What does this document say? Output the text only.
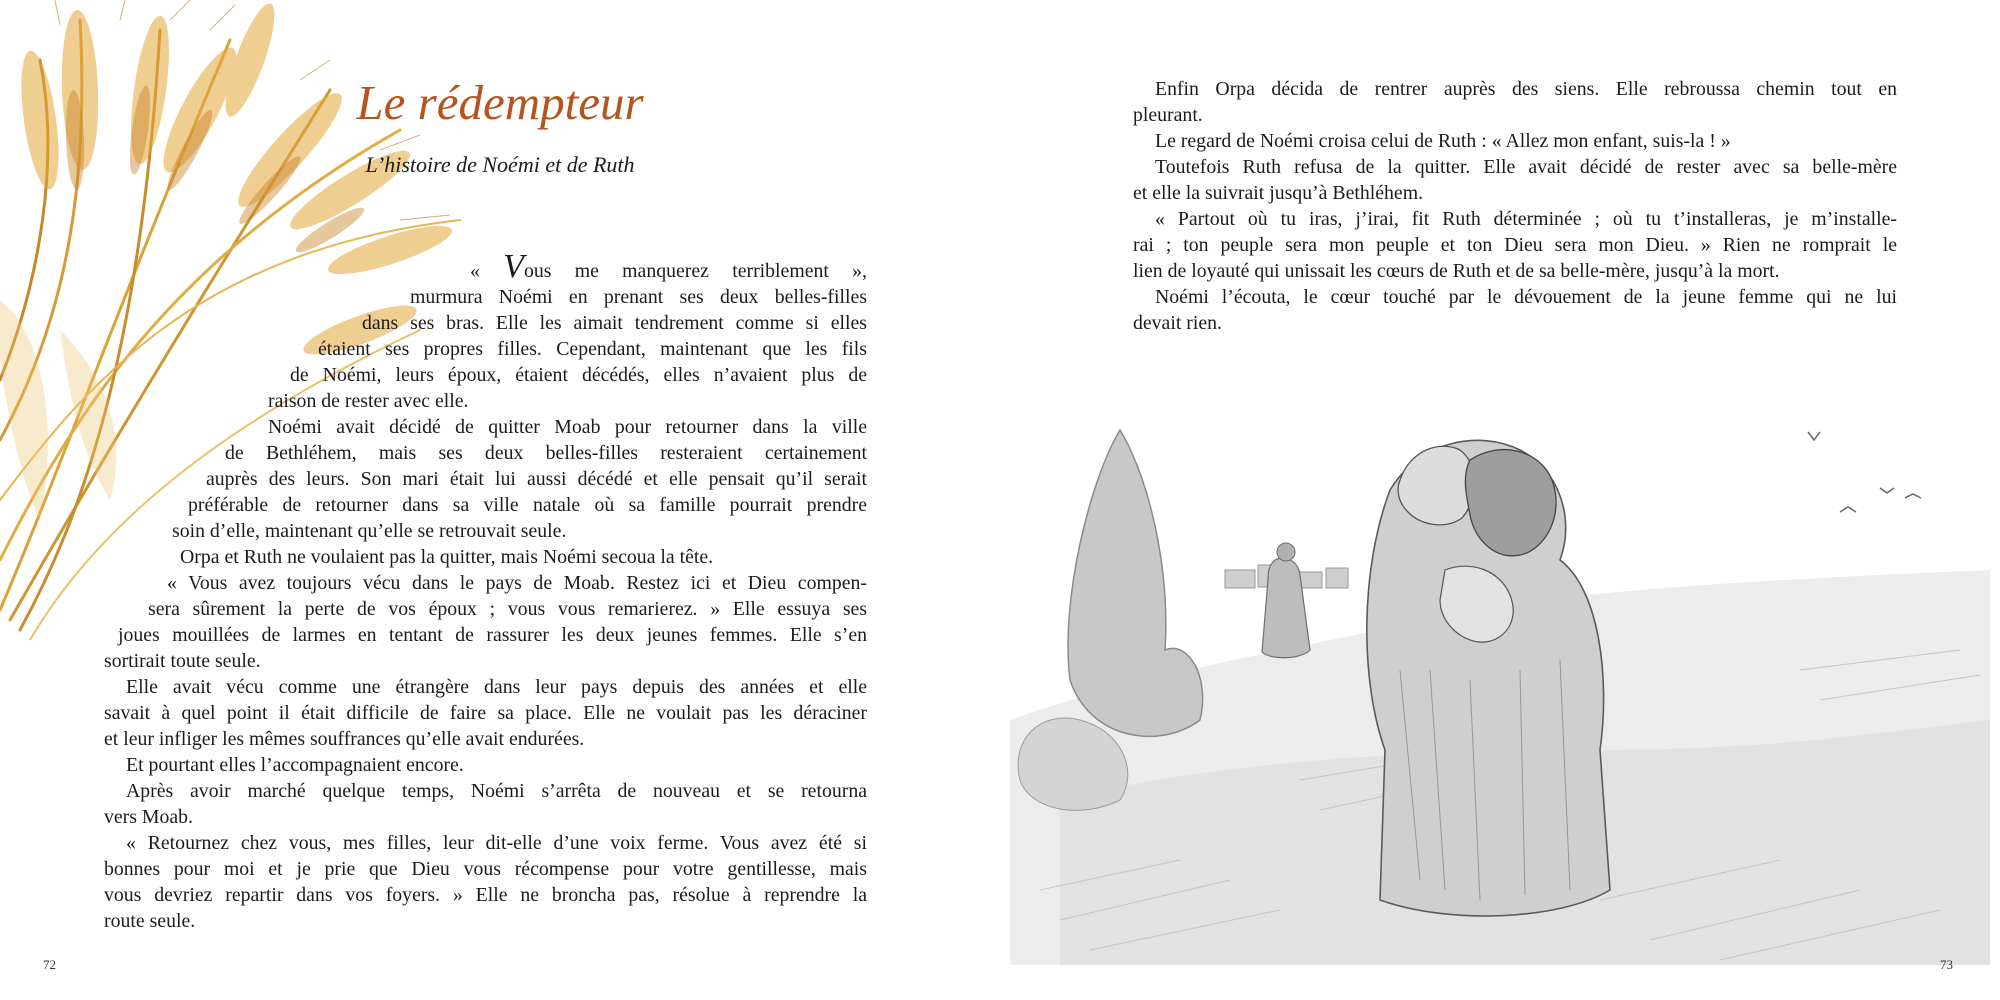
Le rédempteur
L’histoire de Noémi et de Ruth
« Vous me manquerez terriblement »,
murmura Noémi en prenant ses deux belles-filles
dans ses bras. Elle les aimait tendrement comme si elles
étaient ses propres filles. Cependant, maintenant que les fils
de Noémi, leurs époux, étaient décédés, elles n’avaient plus de
raison de rester avec elle.
Noémi avait décidé de quitter Moab pour retourner dans la ville
de Bethléhem, mais ses deux belles-filles resteraient certainement
auprès des leurs. Son mari était lui aussi décédé et elle pensait qu’il serait
préférable de retourner dans sa ville natale où sa famille pourrait prendre
soin d’elle, maintenant qu’elle se retrouvait seule.
Orpa et Ruth ne voulaient pas la quitter, mais Noémi secoua la tête.
« Vous avez toujours vécu dans le pays de Moab. Restez ici et Dieu compen-
sera sûrement la perte de vos époux ; vous vous remarierez. » Elle essuya ses
joues mouillées de larmes en tentant de rassurer les deux jeunes femmes. Elle s’en
sortirait toute seule.
Elle avait vécu comme une étrangère dans leur pays depuis des années et elle
savait à quel point il était difficile de faire sa place. Elle ne voulait pas les déraciner
et leur infliger les mêmes souffrances qu’elle avait endurées.
Et pourtant elles l’accompagnaient encore.
Après avoir marché quelque temps, Noémi s’arrêta de nouveau et se retourna
vers Moab.
« Retournez chez vous, mes filles, leur dit-elle d’une voix ferme. Vous avez été si
bonnes pour moi et je prie que Dieu vous récompense pour votre gentillesse, mais
vous devriez repartir dans vos foyers. » Elle ne broncha pas, résolue à reprendre la
route seule.
72
Enfin Orpa décida de rentrer auprès des siens. Elle rebroussa chemin tout en
pleurant.
Le regard de Noémi croisa celui de Ruth : « Allez mon enfant, suis-la ! »
Toutefois Ruth refusa de la quitter. Elle avait décidé de rester avec sa belle-mère
et elle la suivrait jusqu’à Bethléhem.
« Partout où tu iras, j’irai, fit Ruth déterminée ; où tu t’installeras, je m’installe-
rai ; ton peuple sera mon peuple et ton Dieu sera mon Dieu. » Rien ne romprait le
lien de loyauté qui unissait les cœurs de Ruth et de sa belle-mère, jusqu’à la mort.
Noémi l’écouta, le cœur touché par le dévouement de la jeune femme qui ne lui
devait rien.
73
